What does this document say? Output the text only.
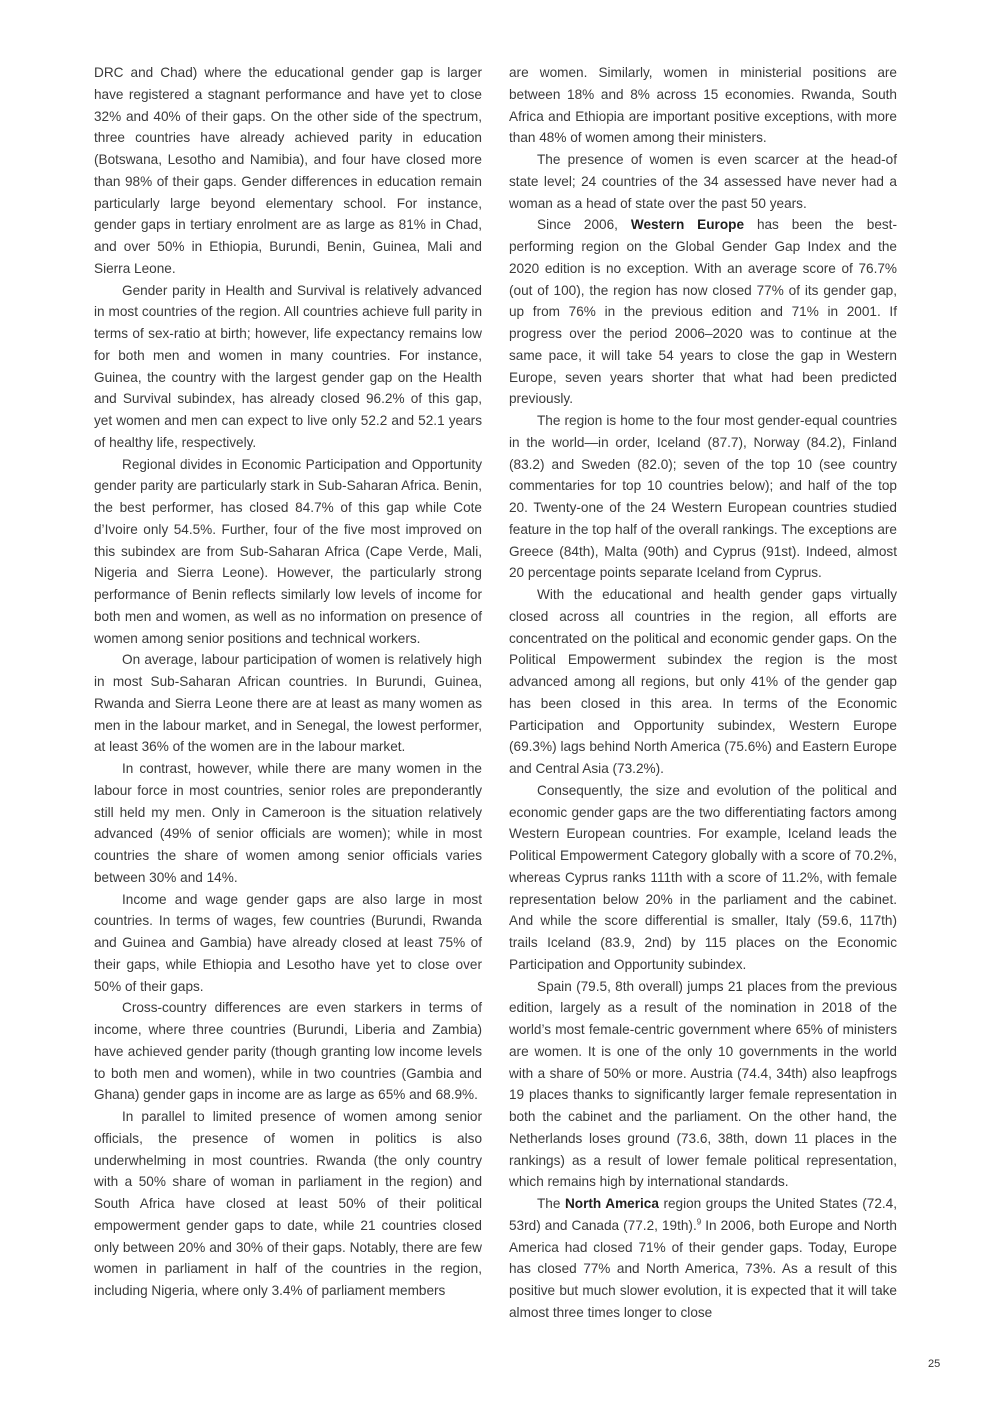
DRC and Chad) where the educational gender gap is larger have registered a stagnant performance and have yet to close 32% and 40% of their gaps. On the other side of the spectrum, three countries have already achieved parity in education (Botswana, Lesotho and Namibia), and four have closed more than 98% of their gaps. Gender differences in education remain particularly large beyond elementary school. For instance, gender gaps in tertiary enrolment are as large as 81% in Chad, and over 50% in Ethiopia, Burundi, Benin, Guinea, Mali and Sierra Leone.

Gender parity in Health and Survival is relatively advanced in most countries of the region. All countries achieve full parity in terms of sex-ratio at birth; however, life expectancy remains low for both men and women in many countries. For instance, Guinea, the country with the largest gender gap on the Health and Survival subindex, has already closed 96.2% of this gap, yet women and men can expect to live only 52.2 and 52.1 years of healthy life, respectively.

Regional divides in Economic Participation and Opportunity gender parity are particularly stark in Sub-Saharan Africa. Benin, the best performer, has closed 84.7% of this gap while Cote d’Ivoire only 54.5%. Further, four of the five most improved on this subindex are from Sub-Saharan Africa (Cape Verde, Mali, Nigeria and Sierra Leone). However, the particularly strong performance of Benin reflects similarly low levels of income for both men and women, as well as no information on presence of women among senior positions and technical workers.

On average, labour participation of women is relatively high in most Sub-Saharan African countries. In Burundi, Guinea, Rwanda and Sierra Leone there are at least as many women as men in the labour market, and in Senegal, the lowest performer, at least 36% of the women are in the labour market.

In contrast, however, while there are many women in the labour force in most countries, senior roles are preponderantly still held my men. Only in Cameroon is the situation relatively advanced (49% of senior officials are women); while in most countries the share of women among senior officials varies between 30% and 14%.

Income and wage gender gaps are also large in most countries. In terms of wages, few countries (Burundi, Rwanda and Guinea and Gambia) have already closed at least 75% of their gaps, while Ethiopia and Lesotho have yet to close over 50% of their gaps.

Cross-country differences are even starkers in terms of income, where three countries (Burundi, Liberia and Zambia) have achieved gender parity (though granting low income levels to both men and women), while in two countries (Gambia and Ghana) gender gaps in income are as large as 65% and 68.9%.

In parallel to limited presence of women among senior officials, the presence of women in politics is also underwhelming in most countries. Rwanda (the only country with a 50% share of woman in parliament in the region) and South Africa have closed at least 50% of their political empowerment gender gaps to date, while 21 countries closed only between 20% and 30% of their gaps. Notably, there are few women in parliament in half of the countries in the region, including Nigeria, where only 3.4% of parliament members

are women. Similarly, women in ministerial positions are between 18% and 8% across 15 economies. Rwanda, South Africa and Ethiopia are important positive exceptions, with more than 48% of women among their ministers.

The presence of women is even scarcer at the head-of state level; 24 countries of the 34 assessed have never had a woman as a head of state over the past 50 years.

Since 2006, Western Europe has been the best-performing region on the Global Gender Gap Index and the 2020 edition is no exception. With an average score of 76.7% (out of 100), the region has now closed 77% of its gender gap, up from 76% in the previous edition and 71% in 2001. If progress over the period 2006–2020 was to continue at the same pace, it will take 54 years to close the gap in Western Europe, seven years shorter that what had been predicted previously.

The region is home to the four most gender-equal countries in the world—in order, Iceland (87.7), Norway (84.2), Finland (83.2) and Sweden (82.0); seven of the top 10 (see country commentaries for top 10 countries below); and half of the top 20. Twenty-one of the 24 Western European countries studied feature in the top half of the overall rankings. The exceptions are Greece (84th), Malta (90th) and Cyprus (91st). Indeed, almost 20 percentage points separate Iceland from Cyprus.

With the educational and health gender gaps virtually closed across all countries in the region, all efforts are concentrated on the political and economic gender gaps. On the Political Empowerment subindex the region is the most advanced among all regions, but only 41% of the gender gap has been closed in this area. In terms of the Economic Participation and Opportunity subindex, Western Europe (69.3%) lags behind North America (75.6%) and Eastern Europe and Central Asia (73.2%).

Consequently, the size and evolution of the political and economic gender gaps are the two differentiating factors among Western European countries. For example, Iceland leads the Political Empowerment Category globally with a score of 70.2%, whereas Cyprus ranks 111th with a score of 11.2%, with female representation below 20% in the parliament and the cabinet. And while the score differential is smaller, Italy (59.6, 117th) trails Iceland (83.9, 2nd) by 115 places on the Economic Participation and Opportunity subindex.

Spain (79.5, 8th overall) jumps 21 places from the previous edition, largely as a result of the nomination in 2018 of the world’s most female-centric government where 65% of ministers are women. It is one of the only 10 governments in the world with a share of 50% or more. Austria (74.4, 34th) also leapfrogs 19 places thanks to significantly larger female representation in both the cabinet and the parliament. On the other hand, the Netherlands loses ground (73.6, 38th, down 11 places in the rankings) as a result of lower female political representation, which remains high by international standards.

The North America region groups the United States (72.4, 53rd) and Canada (77.2, 19th).$^9$ In 2006, both Europe and North America had closed 71% of their gender gaps. Today, Europe has closed 77% and North America, 73%. As a result of this positive but much slower evolution, it is expected that it will take almost three times longer to close

25
